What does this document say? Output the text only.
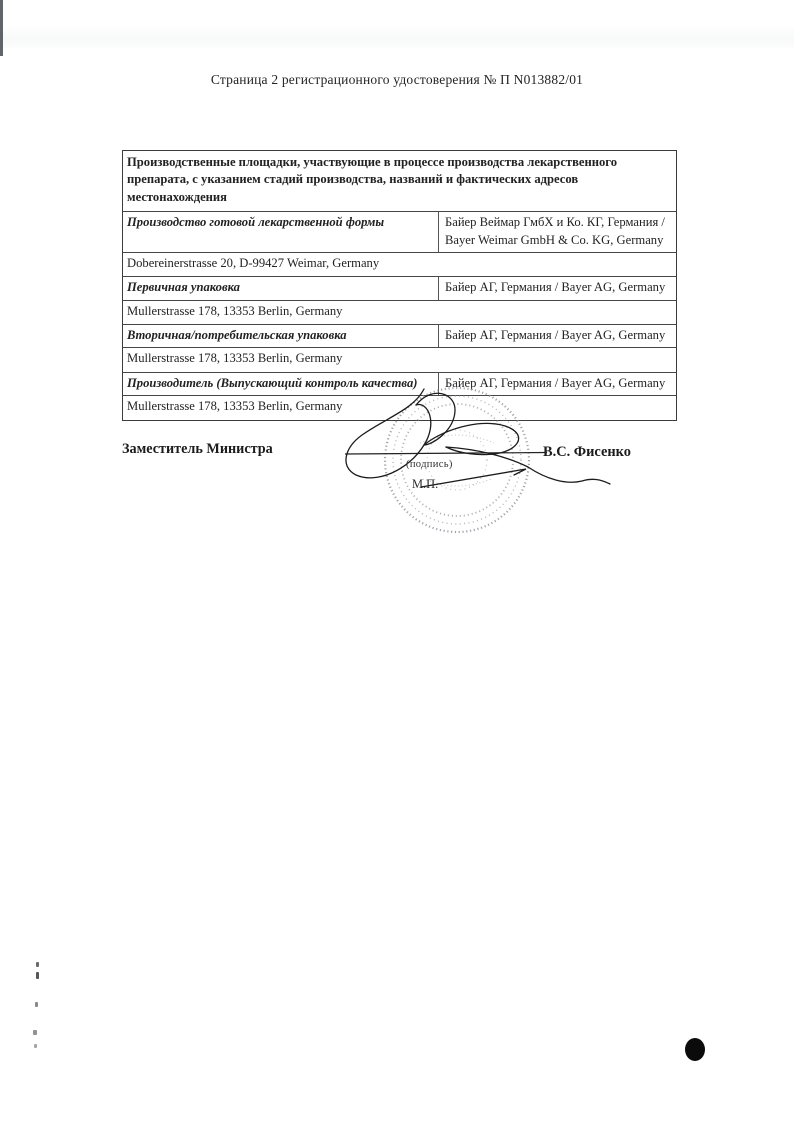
Страница 2 регистрационного удостоверения № П N013882/01
Производственные площадки, участвующие в процессе производства лекарственного препарата, с указанием стадий производства, названий и фактических адресов местонахождения
Производство готовой лекарственной формы	Байер Веймар ГмбХ и Ко. КГ, Германия / Bayer Weimar GmbH & Co. KG, Germany
Dobereinerstrasse 20, D-99427 Weimar, Germany
Первичная упаковка	Байер АГ, Германия / Bayer AG, Germany
Mullerstrasse 178, 13353 Berlin, Germany
Вторичная/потребительская упаковка	Байер АГ, Германия / Bayer AG, Germany
Mullerstrasse 178, 13353 Berlin, Germany
Производитель (Выпускающий контроль качества)	Байер АГ, Германия / Bayer AG, Germany
Mullerstrasse 178, 13353 Berlin, Germany
Заместитель Министра	В.С. Фисенко
(подпись)
М.П.
